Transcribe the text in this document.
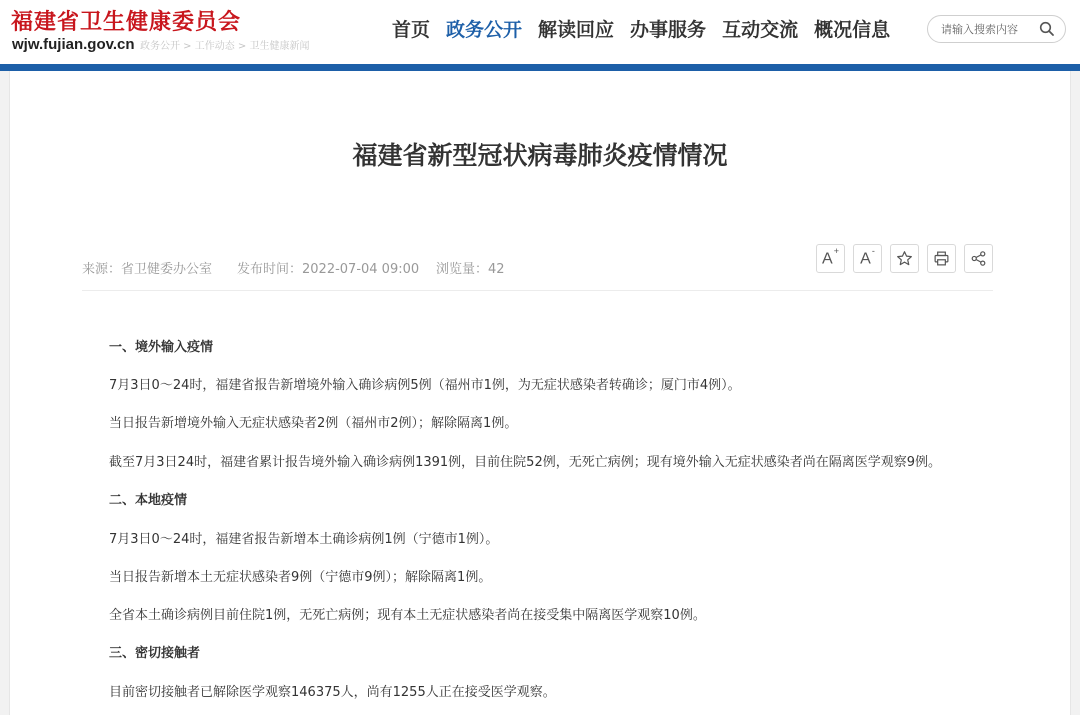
福建省卫生健康委员会
wjw.fujian.gov.cn 政务公开 > 工作动态 > 卫生健康新闻
首页 政务公开 解读回应 办事服务 互动交流 概况信息
请输入搜索内容
福建省新型冠状病毒肺炎疫情情况
来源：省卫健委办公室 发布时间：2022-07-04 09:00 浏览量：42
A+ A-
一、境外输入疫情
7月3日0～24时，福建省报告新增境外输入确诊病例5例（福州市1例，为无症状感染者转确诊；厦门市4例）。
当日报告新增境外输入无症状感染者2例（福州市2例）；解除隔离1例。
截至7月3日24时，福建省累计报告境外输入确诊病例1391例，目前住院52例，无死亡病例；现有境外输入无症状感染者尚在隔离医学观察9例。
二、本地疫情
7月3日0～24时，福建省报告新增本土确诊病例1例（宁德市1例）。
当日报告新增本土无症状感染者9例（宁德市9例）；解除隔离1例。
全省本土确诊病例目前住院1例，无死亡病例；现有本土无症状感染者尚在接受集中隔离医学观察10例。
三、密切接触者
目前密切接触者已解除医学观察146375人，尚有1255人正在接受医学观察。
